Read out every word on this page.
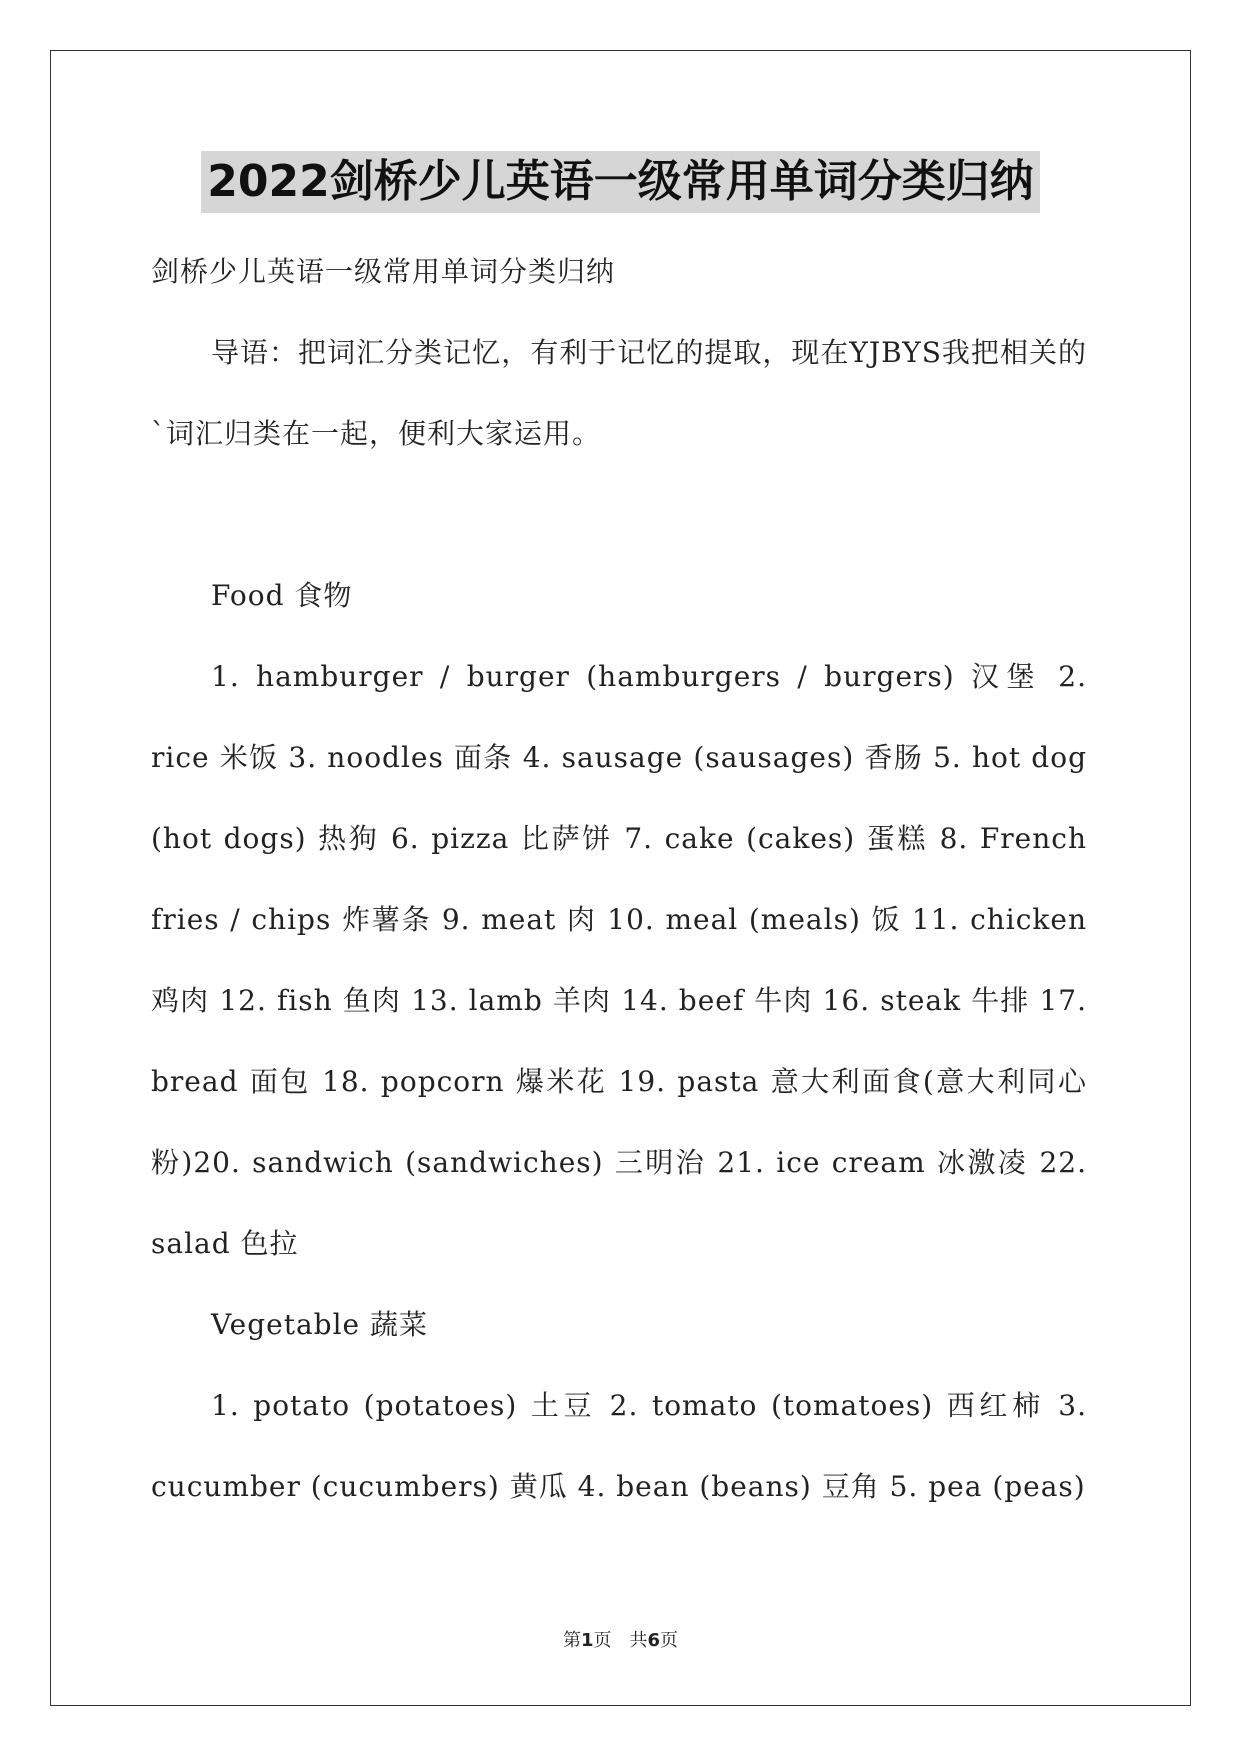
2022剑桥少儿英语一级常用单词分类归纳

剑桥少儿英语一级常用单词分类归纳

导语：把词汇分类记忆，有利于记忆的提取，现在YJBYS我把相关的`词汇归类在一起，便利大家运用。

Food 食物

1. hamburger / burger (hamburgers / burgers) 汉堡 2. rice 米饭 3. noodles 面条 4. sausage (sausages) 香肠 5. hot dog (hot dogs) 热狗 6. pizza 比萨饼 7. cake (cakes) 蛋糕 8. French fries / chips 炸薯条 9. meat 肉 10. meal (meals) 饭 11. chicken 鸡肉 12. fish 鱼肉 13. lamb 羊肉 14. beef 牛肉 16. steak 牛排 17. bread 面包 18. popcorn 爆米花 19. pasta 意大利面食(意大利同心粉)20. sandwich (sandwiches) 三明治 21. ice cream 冰激凌 22. salad 色拉

Vegetable 蔬菜

1. potato (potatoes) 土豆 2. tomato (tomatoes) 西红柿 3. cucumber (cucumbers) 黄瓜 4. bean (beans) 豆角 5. pea (peas)

第1页　共6页
